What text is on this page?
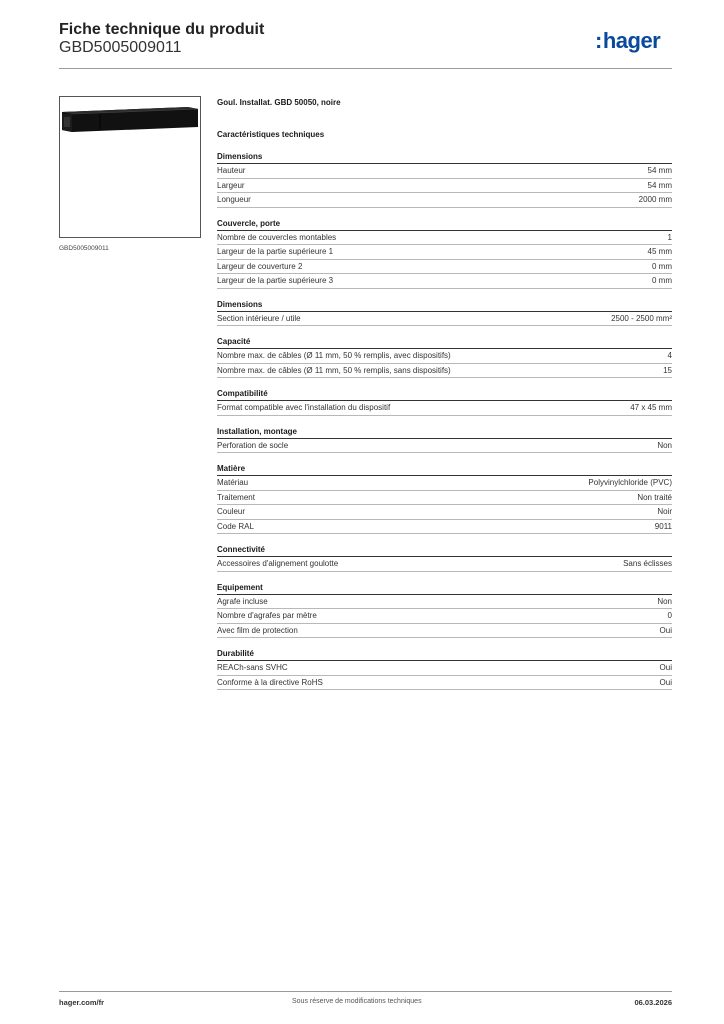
Fiche technique du produit
GBD5005009011	:hager
GBD5005009011
Goul. Installat. GBD 50050, noire
Caractéristiques techniques
Dimensions
Hauteur	54 mm
Largeur	54 mm
Longueur	2000 mm
Couvercle, porte
Nombre de couvercles montables	1
Largeur de la partie supérieure 1	45 mm
Largeur de couverture 2	0 mm
Largeur de la partie supérieure 3	0 mm
Dimensions
Section intérieure / utile	2500 - 2500 mm²
Capacité
Nombre max. de câbles (Ø 11 mm, 50 % remplis, avec dispositifs)	4
Nombre max. de câbles (Ø 11 mm, 50 % remplis, sans dispositifs)	15
Compatibilité
Format compatible avec l'installation du dispositif	47 x 45 mm
Installation, montage
Perforation de socle	Non
Matière
Matériau	Polyvinylchloride (PVC)
Traitement	Non traité
Couleur	Noir
Code RAL	9011
Connectivité
Accessoires d'alignement goulotte	Sans éclisses
Equipement
Agrafe incluse	Non
Nombre d'agrafes par mètre	0
Avec film de protection	Oui
Durabilité
REACh-sans SVHC	Oui
Conforme à la directive RoHS	Oui
hager.com/fr	Sous réserve de modifications techniques	06.03.2026
